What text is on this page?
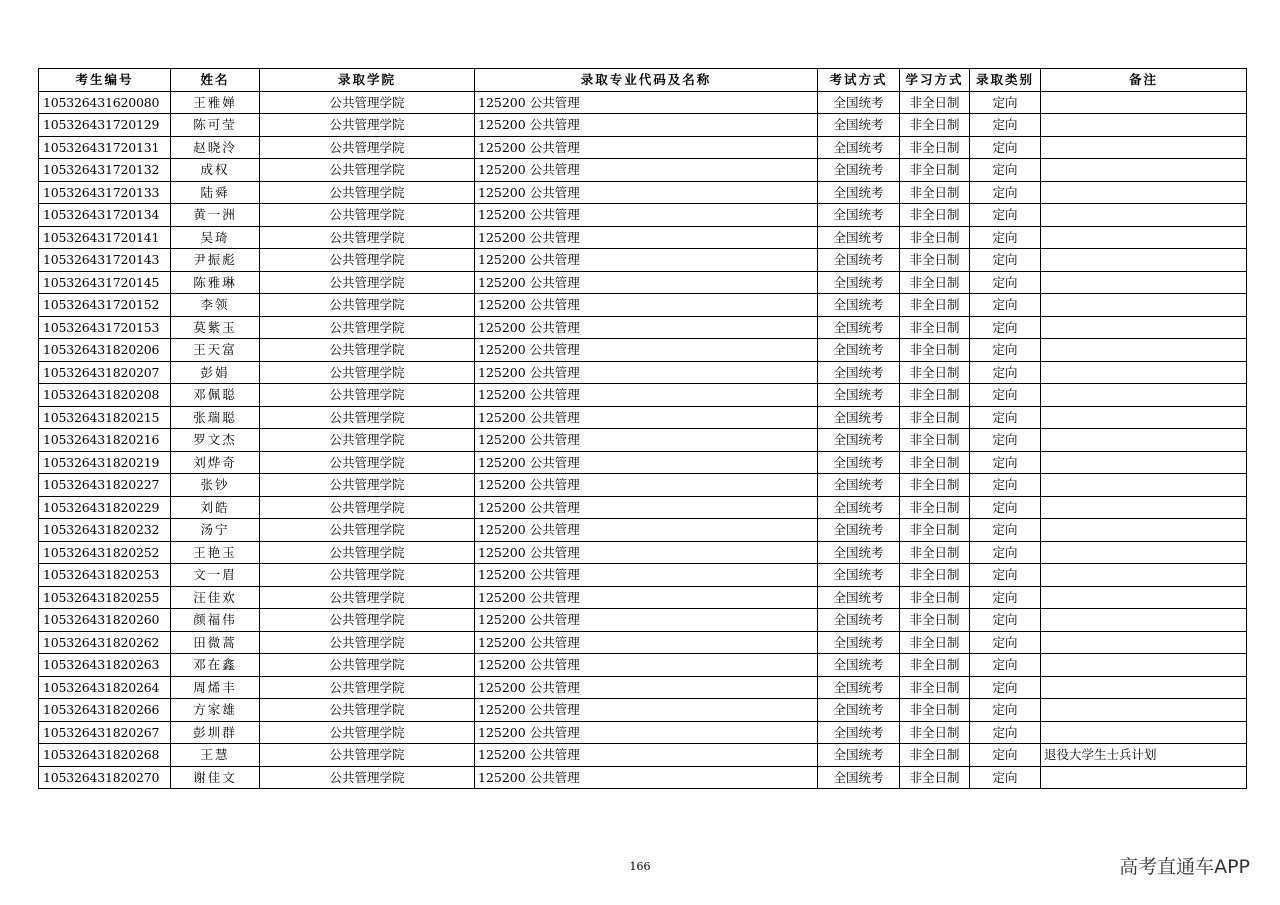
考生编号	姓名	录取学院	录取专业代码及名称	考试方式	学习方式	录取类别	备注
105326431620080	王雅婵	公共管理学院	125200 公共管理	全国统考	非全日制	定向	
105326431720129	陈可莹	公共管理学院	125200 公共管理	全国统考	非全日制	定向	
105326431720131	赵晓泠	公共管理学院	125200 公共管理	全国统考	非全日制	定向	
105326431720132	成权	公共管理学院	125200 公共管理	全国统考	非全日制	定向	
105326431720133	陆舜	公共管理学院	125200 公共管理	全国统考	非全日制	定向	
105326431720134	黄一洲	公共管理学院	125200 公共管理	全国统考	非全日制	定向	
105326431720141	吴琦	公共管理学院	125200 公共管理	全国统考	非全日制	定向	
105326431720143	尹振彪	公共管理学院	125200 公共管理	全国统考	非全日制	定向	
105326431720145	陈雅琳	公共管理学院	125200 公共管理	全国统考	非全日制	定向	
105326431720152	李领	公共管理学院	125200 公共管理	全国统考	非全日制	定向	
105326431720153	莫紫玉	公共管理学院	125200 公共管理	全国统考	非全日制	定向	
105326431820206	王天富	公共管理学院	125200 公共管理	全国统考	非全日制	定向	
105326431820207	彭娟	公共管理学院	125200 公共管理	全国统考	非全日制	定向	
105326431820208	邓佩聪	公共管理学院	125200 公共管理	全国统考	非全日制	定向	
105326431820215	张瑞聪	公共管理学院	125200 公共管理	全国统考	非全日制	定向	
105326431820216	罗文杰	公共管理学院	125200 公共管理	全国统考	非全日制	定向	
105326431820219	刘烨奇	公共管理学院	125200 公共管理	全国统考	非全日制	定向	
105326431820227	张钞	公共管理学院	125200 公共管理	全国统考	非全日制	定向	
105326431820229	刘皓	公共管理学院	125200 公共管理	全国统考	非全日制	定向	
105326431820232	汤宁	公共管理学院	125200 公共管理	全国统考	非全日制	定向	
105326431820252	王艳玉	公共管理学院	125200 公共管理	全国统考	非全日制	定向	
105326431820253	文一眉	公共管理学院	125200 公共管理	全国统考	非全日制	定向	
105326431820255	汪佳欢	公共管理学院	125200 公共管理	全国统考	非全日制	定向	
105326431820260	颜福伟	公共管理学院	125200 公共管理	全国统考	非全日制	定向	
105326431820262	田微蒿	公共管理学院	125200 公共管理	全国统考	非全日制	定向	
105326431820263	邓在鑫	公共管理学院	125200 公共管理	全国统考	非全日制	定向	
105326431820264	周烯丰	公共管理学院	125200 公共管理	全国统考	非全日制	定向	
105326431820266	方家雄	公共管理学院	125200 公共管理	全国统考	非全日制	定向	
105326431820267	彭圳群	公共管理学院	125200 公共管理	全国统考	非全日制	定向	
105326431820268	王慧	公共管理学院	125200 公共管理	全国统考	非全日制	定向	退役大学生士兵计划
105326431820270	谢佳文	公共管理学院	125200 公共管理	全国统考	非全日制	定向	
166	高考直通车APP
